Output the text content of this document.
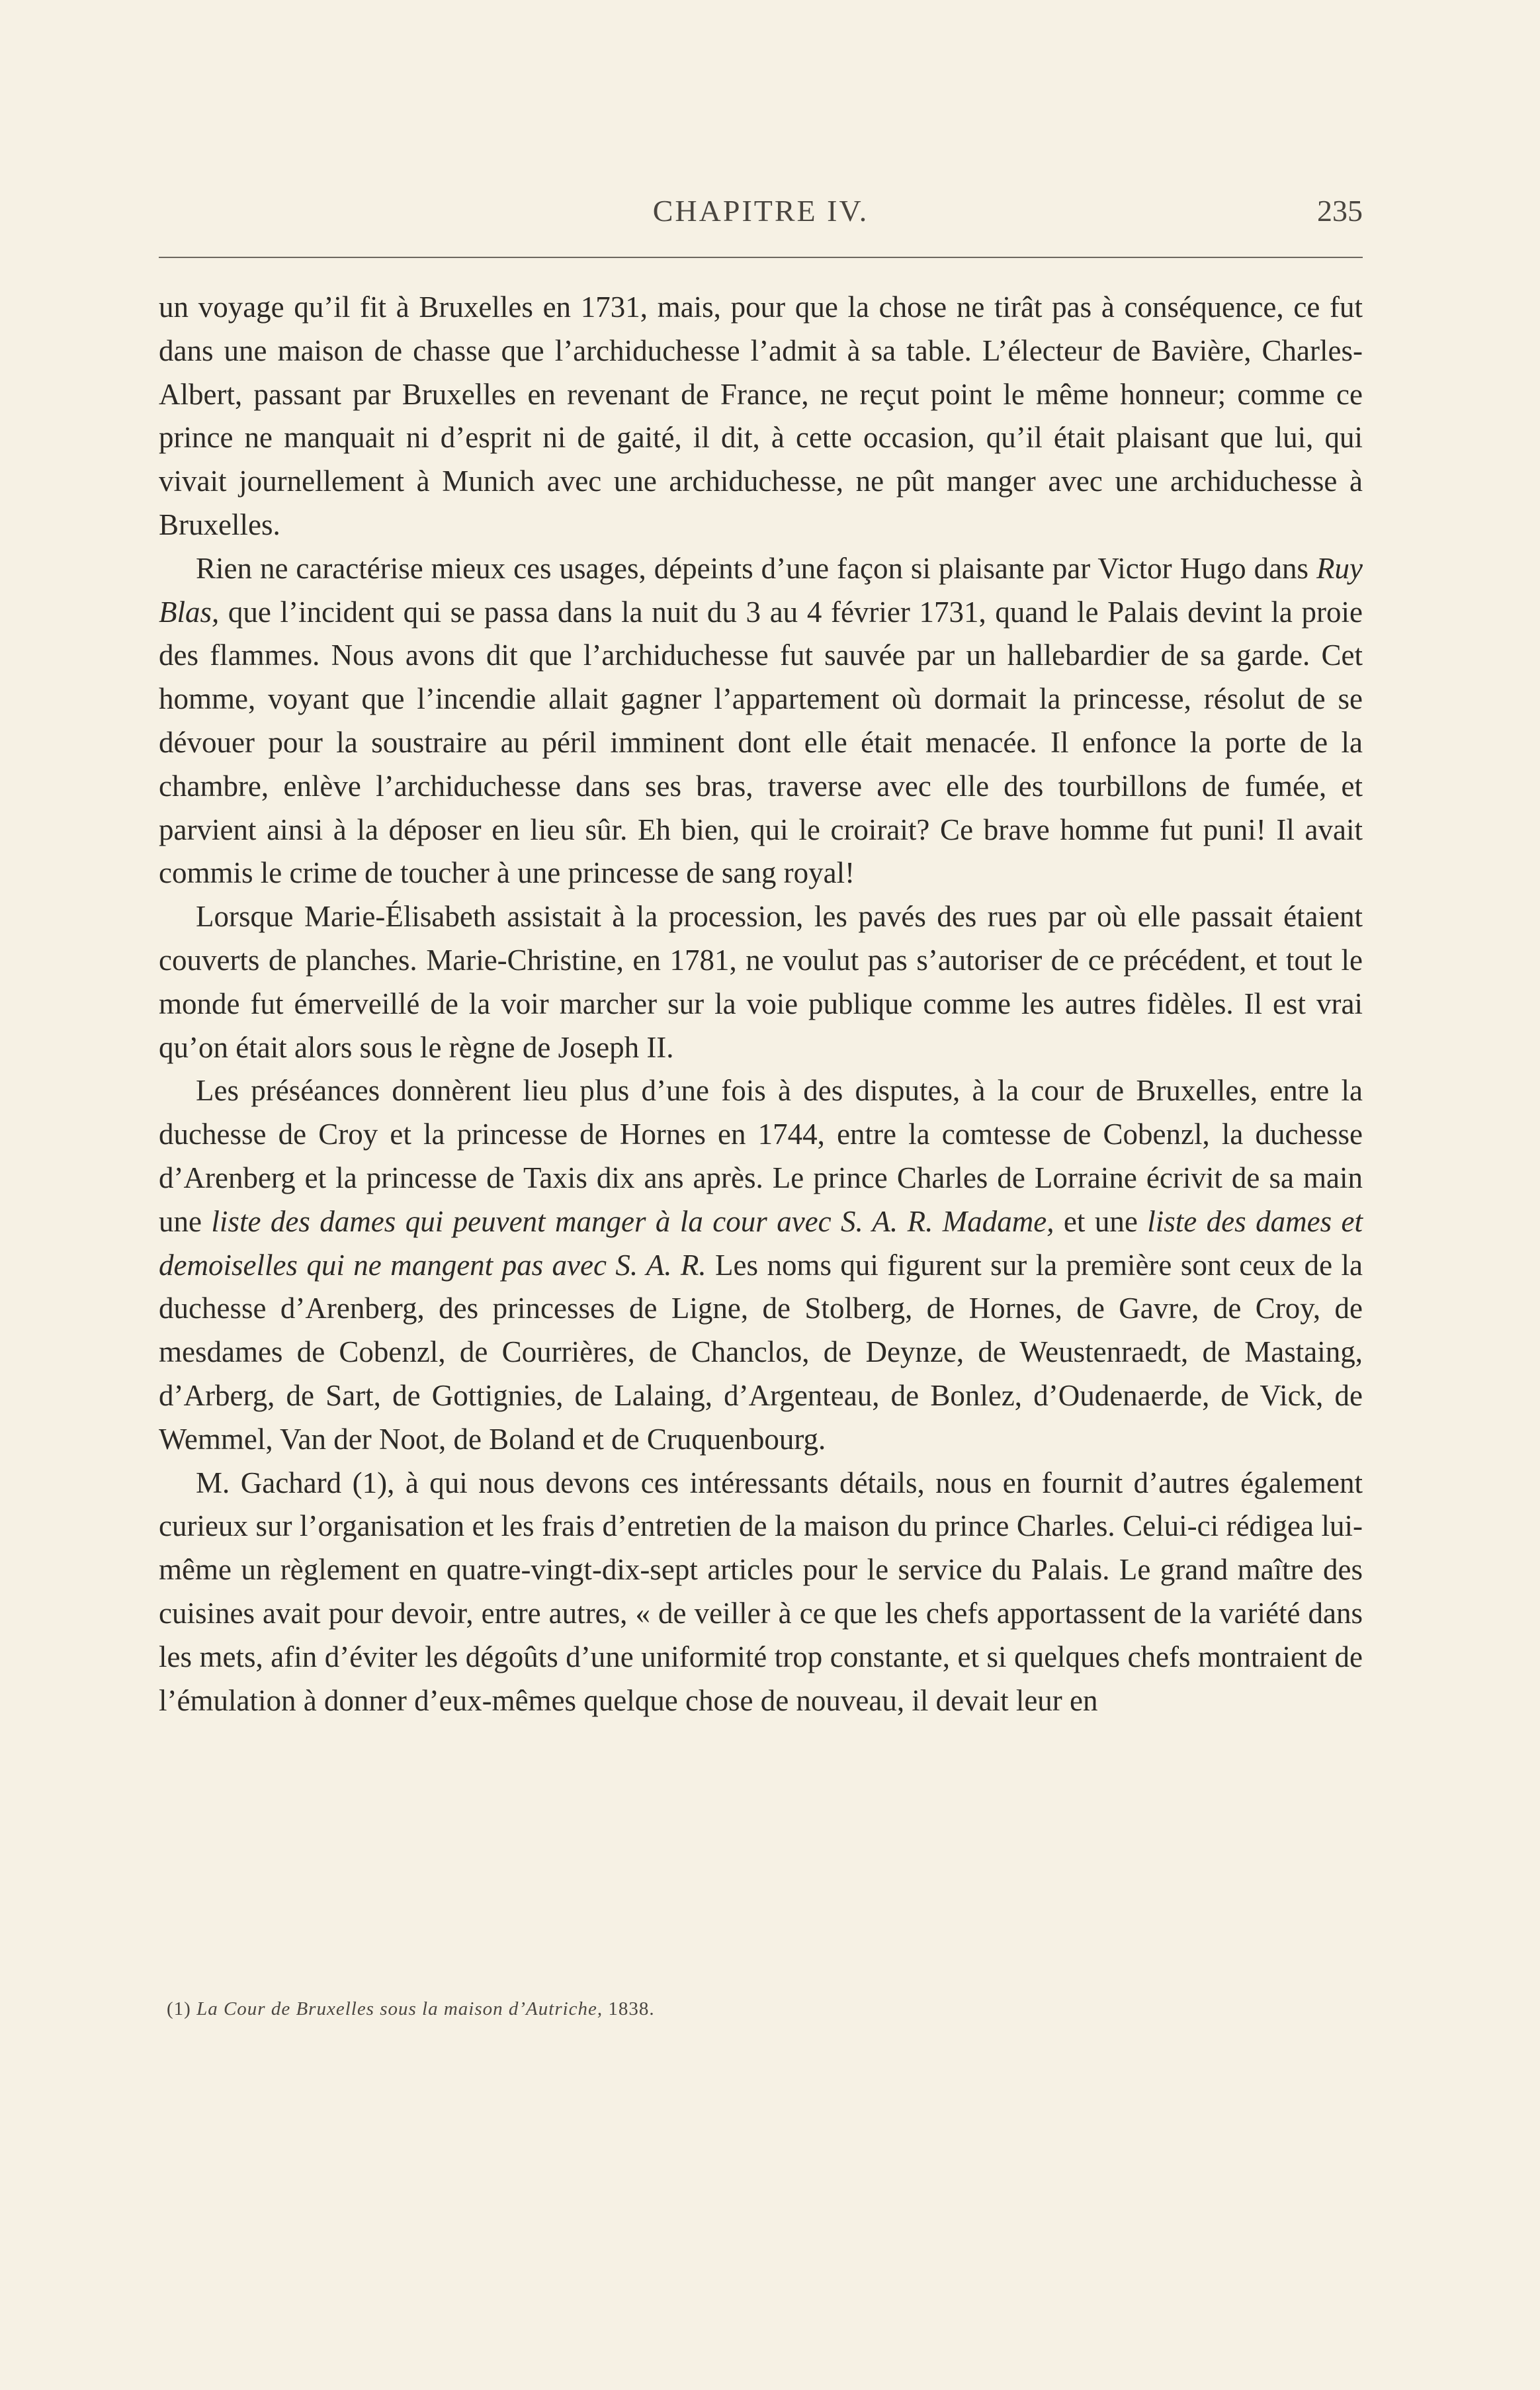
CHAPITRE IV.	235

un voyage qu’il fit à Bruxelles en 1731, mais, pour que la chose ne tirât pas à conséquence, ce fut dans une maison de chasse que l’archiduchesse l’admit à sa table. L’électeur de Bavière, Charles-Albert, passant par Bruxelles en revenant de France, ne reçut point le même honneur; comme ce prince ne manquait ni d’esprit ni de gaité, il dit, à cette occasion, qu’il était plaisant que lui, qui vivait journellement à Munich avec une archiduchesse, ne pût manger avec une archiduchesse à Bruxelles.

Rien ne caractérise mieux ces usages, dépeints d’une façon si plaisante par Victor Hugo dans Ruy Blas, que l’incident qui se passa dans la nuit du 3 au 4 février 1731, quand le Palais devint la proie des flammes. Nous avons dit que l’archiduchesse fut sauvée par un hallebardier de sa garde. Cet homme, voyant que l’incendie allait gagner l’appartement où dormait la princesse, résolut de se dévouer pour la soustraire au péril imminent dont elle était menacée. Il enfonce la porte de la chambre, enlève l’archiduchesse dans ses bras, traverse avec elle des tourbillons de fumée, et parvient ainsi à la déposer en lieu sûr. Eh bien, qui le croirait? Ce brave homme fut puni! Il avait commis le crime de toucher à une princesse de sang royal!

Lorsque Marie-Élisabeth assistait à la procession, les pavés des rues par où elle passait étaient couverts de planches. Marie-Christine, en 1781, ne voulut pas s’autoriser de ce précédent, et tout le monde fut émerveillé de la voir marcher sur la voie publique comme les autres fidèles. Il est vrai qu’on était alors sous le règne de Joseph II.

Les préséances donnèrent lieu plus d’une fois à des disputes, à la cour de Bruxelles, entre la duchesse de Croy et la princesse de Hornes en 1744, entre la comtesse de Cobenzl, la duchesse d’Arenberg et la princesse de Taxis dix ans après. Le prince Charles de Lorraine écrivit de sa main une liste des dames qui peuvent manger à la cour avec S. A. R. Madame, et une liste des dames et demoiselles qui ne mangent pas avec S. A. R. Les noms qui figurent sur la première sont ceux de la duchesse d’Arenberg, des princesses de Ligne, de Stolberg, de Hornes, de Gavre, de Croy, de mesdames de Cobenzl, de Courrières, de Chanclos, de Deynze, de Weustenraedt, de Mastaing, d’Arberg, de Sart, de Gottignies, de Lalaing, d’Argenteau, de Bonlez, d’Oudenaerde, de Vick, de Wemmel, Van der Noot, de Boland et de Cruquenbourg.

M. Gachard (1), à qui nous devons ces intéressants détails, nous en fournit d’autres également curieux sur l’organisation et les frais d’entretien de la maison du prince Charles. Celui-ci rédigea lui-même un règlement en quatre-vingt-dix-sept articles pour le service du Palais. Le grand maître des cuisines avait pour devoir, entre autres, « de veiller à ce que les chefs apportassent de la variété dans les mets, afin d’éviter les dégoûts d’une uniformité trop constante, et si quelques chefs montraient de l’émulation à donner d’eux-mêmes quelque chose de nouveau, il devait leur en

(1) La Cour de Bruxelles sous la maison d’Autriche, 1838.
